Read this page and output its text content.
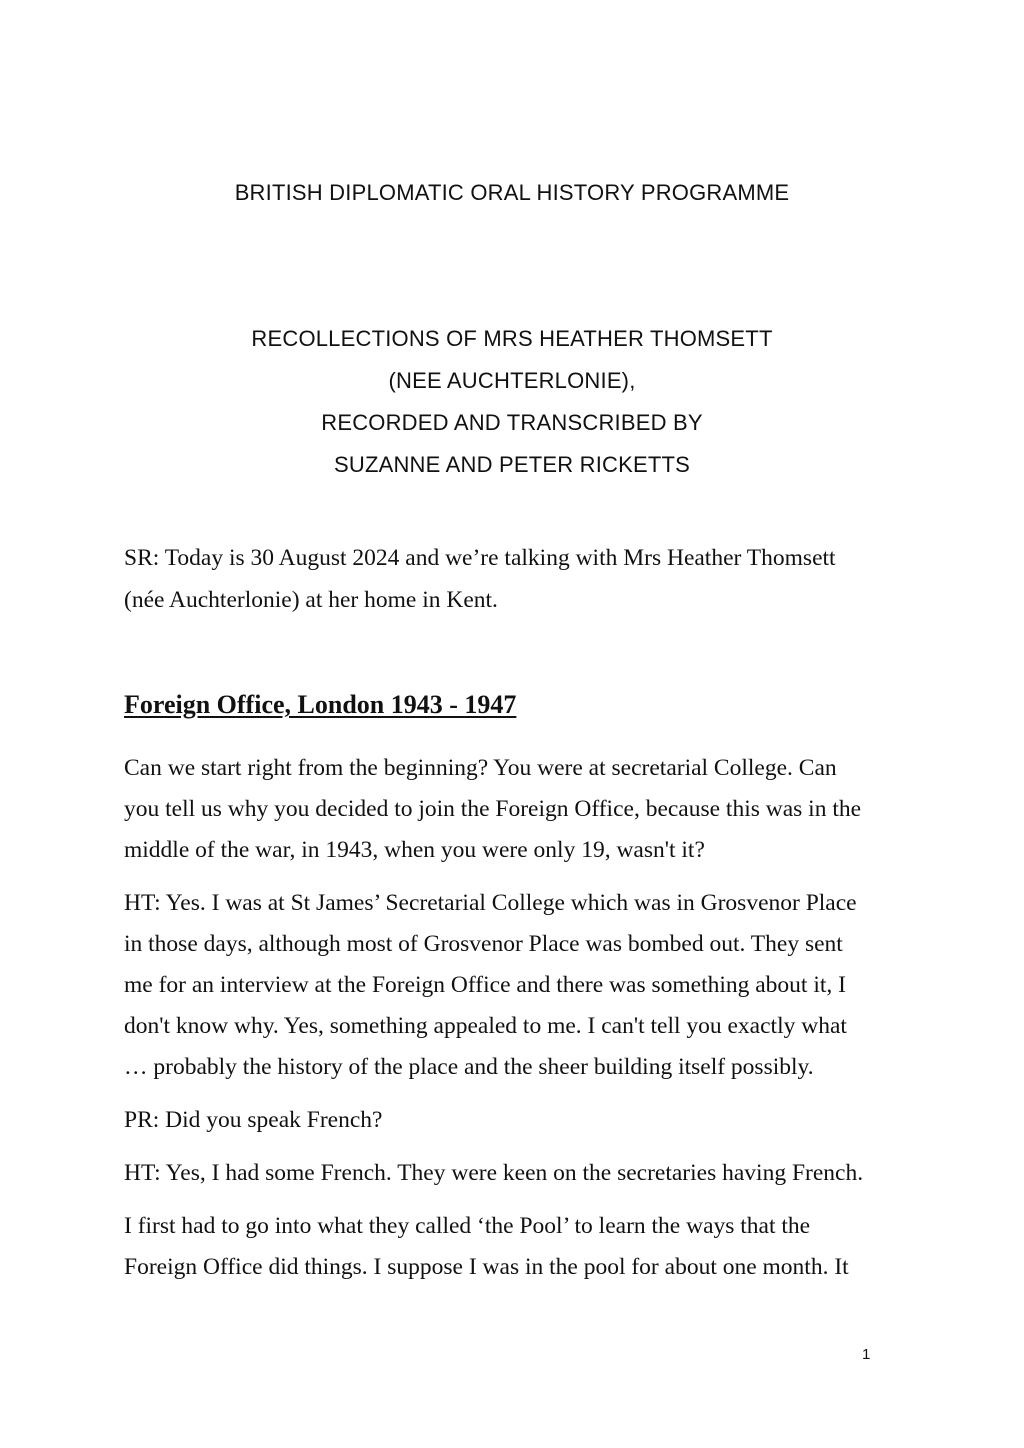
BRITISH DIPLOMATIC ORAL HISTORY PROGRAMME
RECOLLECTIONS OF MRS HEATHER THOMSETT
(NEE AUCHTERLONIE),
RECORDED AND TRANSCRIBED BY
SUZANNE AND PETER RICKETTS

SR: Today is 30 August 2024 and we’re talking with Mrs Heather Thomsett
(née Auchterlonie) at her home in Kent.

Foreign Office, London 1943 - 1947

Can we start right from the beginning? You were at secretarial College. Can
you tell us why you decided to join the Foreign Office, because this was in the
middle of the war, in 1943, when you were only 19, wasn't it?

HT: Yes. I was at St James’ Secretarial College which was in Grosvenor Place
in those days, although most of Grosvenor Place was bombed out. They sent
me for an interview at the Foreign Office and there was something about it, I
don't know why. Yes, something appealed to me. I can't tell you exactly what
… probably the history of the place and the sheer building itself possibly.

PR: Did you speak French?

HT: Yes, I had some French. They were keen on the secretaries having French.

I first had to go into what they called ‘the Pool’ to learn the ways that the
Foreign Office did things. I suppose I was in the pool for about one month. It

1
